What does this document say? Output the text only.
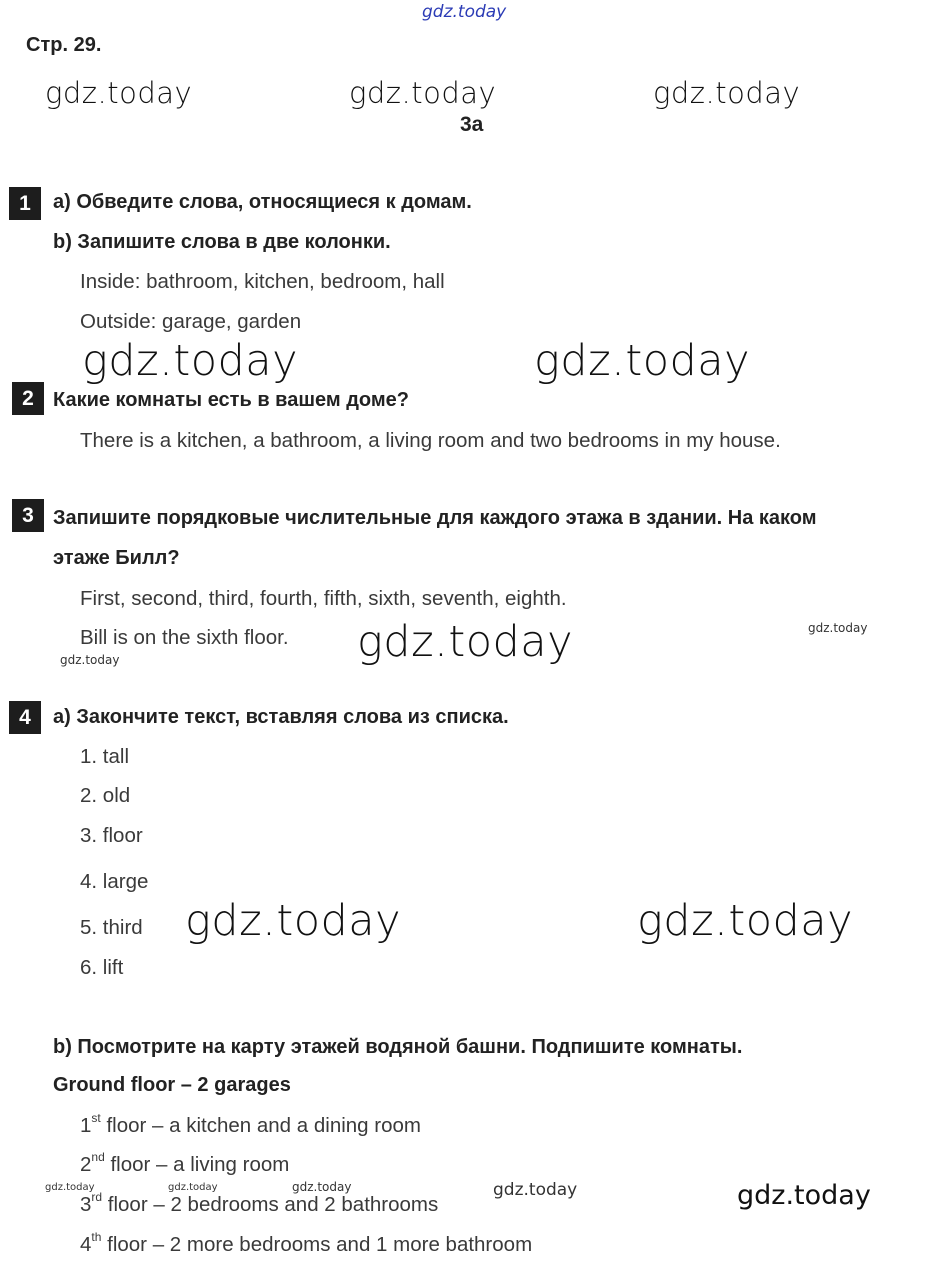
gdz.today
Стр. 29.
gdz.today	gdz.today	gdz.today
3a
1	a) Обведите слова, относящиеся к домам.
b) Запишите слова в две колонки.
Inside: bathroom, kitchen, bedroom, hall
Outside: garage, garden
gdz.today	gdz.today
2 Какие комнаты есть в вашем доме?
There is a kitchen, a bathroom, a living room and two bedrooms in my house.
3 Запишите порядковые числительные для каждого этажа в здании. На каком
этаже Билл?
First, second, third, fourth, fifth, sixth, seventh, eighth.
Bill is on the sixth floor. gdz.today	gdz.today
gdz.today
4	a) Закончите текст, вставляя слова из списка.
1. tall
2. old
3. floor
4. large
5. third
6. lift
gdz.today	gdz.today
b) Посмотрите на карту этажей водяной башни. Подпишите комнаты.
Ground floor – 2 garages
1st floor – a kitchen and a dining room
2nd floor – a living room
3rd floor – 2 bedrooms and 2 bathrooms
4th floor – 2 more bedrooms and 1 more bathroom
gdz.today	gdz.today	gdz.today	gdz.today	gdz.today
